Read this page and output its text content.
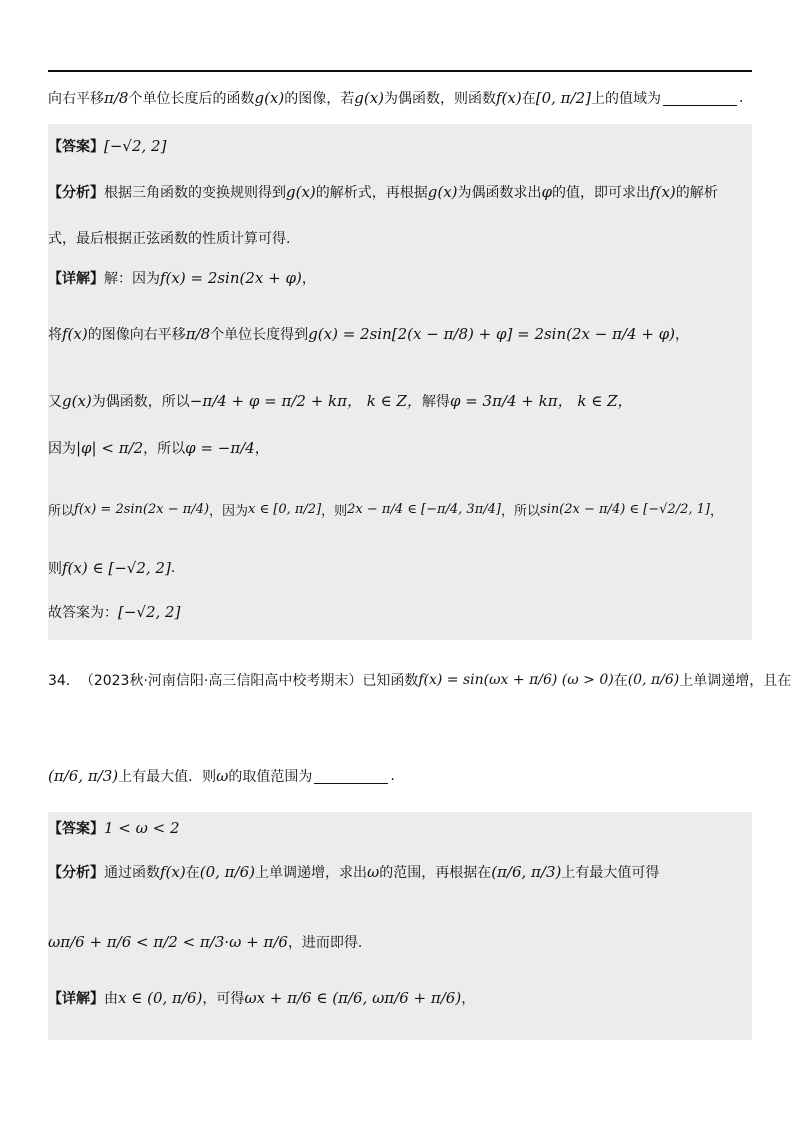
向右平移 π/8 个单位长度后的函数 g(x) 的图像，若 g(x) 为偶函数，则函数 f(x) 在 [0, π/2] 上的值域为	.
【答案】 [−√2, 2]
【分析】 根据三角函数的变换规则得到 g(x) 的解析式，再根据 g(x) 为偶函数求出 φ 的值，即可求出 f(x) 的解析
式，最后根据正弦函数的性质计算可得.
【详解】 解：因为 f(x) = 2sin(2x + φ) ，
将 f(x) 的图像向右平移 π/8 个单位长度得到 g(x) = 2sin[2(x − π/8) + φ] = 2sin(2x − π/4 + φ) ，
又 g(x) 为偶函数，所以 −π/4 + φ = π/2 + kπ ， k ∈ Z， 解得 φ = 3π/4 + kπ ， k ∈ Z，
因为 |φ| < π/2 ，所以 φ = −π/4 ，
所以 f(x) = 2sin(2x − π/4) ，因为 x ∈ [0, π/2] ，则 2x − π/4 ∈ [−π/4, 3π/4] ，所以 sin(2x − π/4) ∈ [−√2/2, 1] ，
则 f(x) ∈ [−√2, 2] .
故答案为： [−√2, 2]
34． （2023秋·河南信阳·高三信阳高中校考期末） 已知函数 f(x) = sin(ωx + π/6) (ω > 0) 在 (0, π/6) 上单调递增，且在
(π/6, π/3) 上有最大值．则 ω 的取值范围为	.
【答案】 1 < ω < 2
【分析】 通过函数 f(x) 在 (0, π/6) 上单调递增，求出 ω 的范围，再根据在 (π/6, π/3) 上有最大值可得
ωπ/6 + π/6 < π/2 < π/3·ω + π/6 ，进而即得.
【详解】 由 x ∈ (0, π/6) ，可得 ωx + π/6 ∈ (π/6, ωπ/6 + π/6) ，
